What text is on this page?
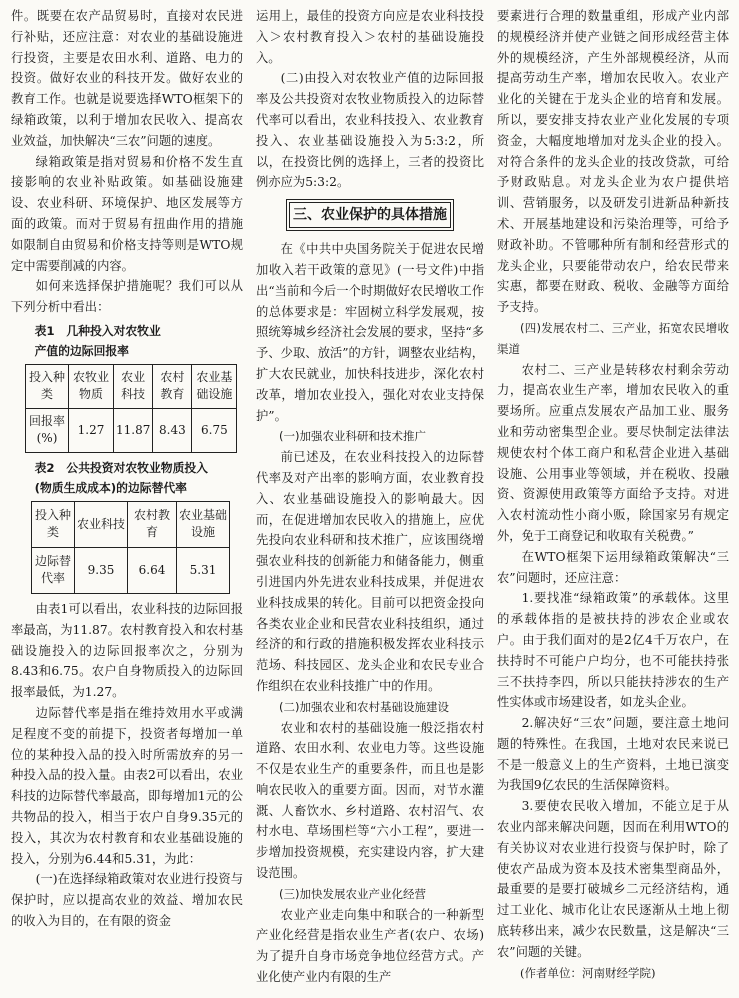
件。既要在农产品贸易时，直接对农民进行补贴，还应注意：对农业的基础设施进行投资，主要是农田水利、道路、电力的投资。做好农业的科技开发。做好农业的教育工作。也就是说要选择WTO框架下的绿箱政策，以利于增加农民收入、提高农业效益，加快解决“三农”问题的速度。

绿箱政策是指对贸易和价格不发生直接影响的农业补贴政策。如基础设施建设、农业科研、环境保护、地区发展等方面的政策。而对于贸易有扭曲作用的措施如限制自由贸易和价格支持等则是WTO规定中需要削减的内容。

如何来选择保护措施呢？我们可以从下列分析中看出：

表1　几种投入对农牧业

产值的边际回报率

投入种类	农牧业物质	农业科技	农村教育	农业基础设施
回报率(%)	1.27	11.87	8.43	6.75

表2　公共投资对农牧业物质投入

(物质生成成本)的边际替代率

投入种类	农业科技	农村教育	农业基础设施
边际替代率	9.35	6.64	5.31

由表1可以看出，农业科技的边际回报率最高，为11.87。农村教育投入和农村基础设施投入的边际回报率次之，分别为8.43和6.75。农户自身物质投入的边际回报率最低，为1.27。

边际替代率是指在维持效用水平或满足程度不变的前提下，投资者每增加一单位的某种投入品的投入时所需放弃的另一种投入品的投入量。由表2可以看出，农业科技的边际替代率最高，即每增加1元的公共物品的投入，相当于农户自身9.35元的投入，其次为农村教育和农业基础设施的投入，分别为6.44和5.31，为此：

(一)在选择绿箱政策对农业进行投资与保护时，应以提高农业的效益、增加农民的收入为目的，在有限的资金

运用上，最佳的投资方向应是农业科技投入＞农村教育投入＞农村的基础设施投入。

(二)由投入对农牧业产值的边际回报率及公共投资对农牧业物质投入的边际替代率可以看出，农业科技投入、农业教育投入、农业基础设施投入为5:3:2，所以，在投资比例的选择上，三者的投资比例亦应为5:3:2。

三、农业保护的具体措施

在《中共中央国务院关于促进农民增加收入若干政策的意见》(一号文件)中指出“当前和今后一个时期做好农民增收工作的总体要求是：牢固树立科学发展观，按照统筹城乡经济社会发展的要求，坚持“多予、少取、放活”的方针，调整农业结构，扩大农民就业，加快科技进步，深化农村改革，增加农业投入，强化对农业支持保护”。

(一)加强农业科研和技术推广

前已述及，在农业科技投入的边际替代率及对产出率的影响方面，农业教育投入、农业基础设施投入的影响最大。因而，在促进增加农民收入的措施上，应优先投向农业科研和技术推广，应该围绕增强农业科技的创新能力和储备能力，侧重引进国内外先进农业科技成果，并促进农业科技成果的转化。目前可以把资金投向各类农业企业和民营农业科技组织，通过经济的和行政的措施积极发挥农业科技示范场、科技园区、龙头企业和农民专业合作组织在农业科技推广中的作用。

(二)加强农业和农村基础设施建设

农业和农村的基础设施一般泛指农村道路、农田水利、农业电力等。这些设施不仅是农业生产的重要条件，而且也是影响农民收入的重要方面。因而，对节水灌溉、人畜饮水、乡村道路、农村沼气、农村水电、草场围栏等“六小工程”，要进一步增加投资规模，充实建设内容，扩大建设范围。

(三)加快发展农业产业化经营

农业产业走向集中和联合的一种新型产业化经营是指农业生产者(农户、农场)为了提升自身市场竞争地位经营方式。产业化使产业内有限的生产

要素进行合理的数量重组，形成产业内部的规模经济并使产业链之间形成经营主体外的规模经济，产生外部规模经济，从而提高劳动生产率，增加农民收入。农业产业化的关键在于龙头企业的培育和发展。所以，要安排支持农业产业化发展的专项资金，大幅度地增加对龙头企业的投入。对符合条件的龙头企业的技改贷款，可给予财政贴息。对龙头企业为农户提供培训、营销服务，以及研发引进新品种新技术、开展基地建设和污染治理等，可给予财政补助。不管哪种所有制和经营形式的龙头企业，只要能带动农户，给农民带来实惠，都要在财政、税收、金融等方面给予支持。

(四)发展农村二、三产业，拓宽农民增收渠道

农村二、三产业是转移农村剩余劳动力，提高农业生产率，增加农民收入的重要场所。应重点发展农产品加工业、服务业和劳动密集型企业。要尽快制定法律法规使农村个体工商户和私营企业进入基础设施、公用事业等领域，并在税收、投融资、资源使用政策等方面给予支持。对进入农村流动性小商小贩，除国家另有规定外，免于工商登记和收取有关税费。”

在WTO框架下运用绿箱政策解决“三农”问题时，还应注意：

1.要找准“绿箱政策”的承载体。这里的承载体指的是被扶持的涉农企业或农户。由于我们面对的是2亿4千万农户，在扶持时不可能户户均分，也不可能扶持张三不扶持李四，所以只能扶持涉农的生产性实体或市场建设者，如龙头企业。

2.解决好“三农”问题，要注意土地问题的特殊性。在我国，土地对农民来说已不是一般意义上的生产资料，土地已演变为我国9亿农民的生活保障资料。

3.要使农民收入增加，不能立足于从农业内部来解决问题，因而在利用WTO的有关协议对农业进行投资与保护时，除了使农产品成为资本及技术密集型商品外，最重要的是要打破城乡二元经济结构，通过工业化、城市化让农民逐渐从土地上彻底转移出来，减少农民数量，这是解决“三农”问题的关键。

(作者单位：河南财经学院)
